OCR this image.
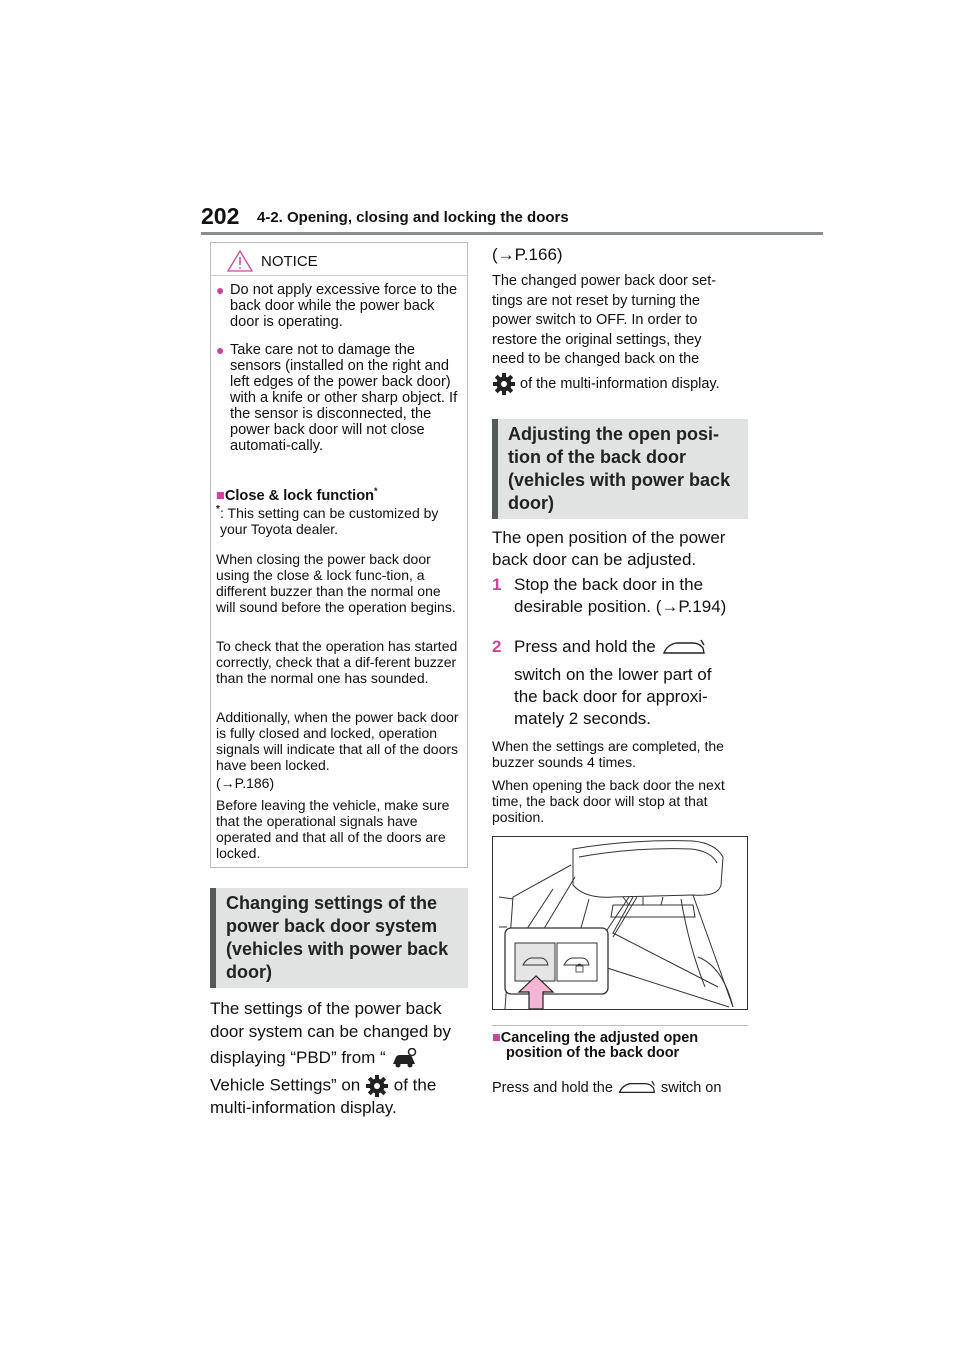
202 4-2. Opening, closing and locking the doors
NOTICE
● Do not apply excessive force to the back door while the power back door is operating.
● Take care not to damage the sensors (installed on the right and left edges of the power back door) with a knife or other sharp object. If the sensor is disconnected, the power back door will not close automati-cally.
■Close & lock function*
* : This setting can be customized by your Toyota dealer.
When closing the power back door using the close & lock func-tion, a different buzzer than the normal one will sound before the operation begins.
To check that the operation has started correctly, check that a dif-ferent buzzer than the normal one has sounded.
Additionally, when the power back door is fully closed and locked, operation signals will indicate that all of the doors have been locked.
(→P.186)
Before leaving the vehicle, make sure that the operational signals have operated and that all of the doors are locked.
Changing settings of the
power back door system
(vehicles with power back
door)
The settings of the power back
door system can be changed by
displaying “PBD” from “
Vehicle Settings” on of the
multi-information display.
(→P.166)
The changed power back door set-
tings are not reset by turning the
power switch to OFF. In order to
restore the original settings, they
need to be changed back on the
of the multi-information display.
Adjusting the open posi-
tion of the back door
(vehicles with power back
door)
The open position of the power
back door can be adjusted.
1 Stop the back door in the
desirable position. (→P.194)
2 Press and hold the
switch on the lower part of
the back door for approxi-
mately 2 seconds.
When the settings are completed, the buzzer sounds 4 times.
When opening the back door the next time, the back door will stop at that position.
■Canceling the adjusted open
position of the back door
Press and hold the	switch on
